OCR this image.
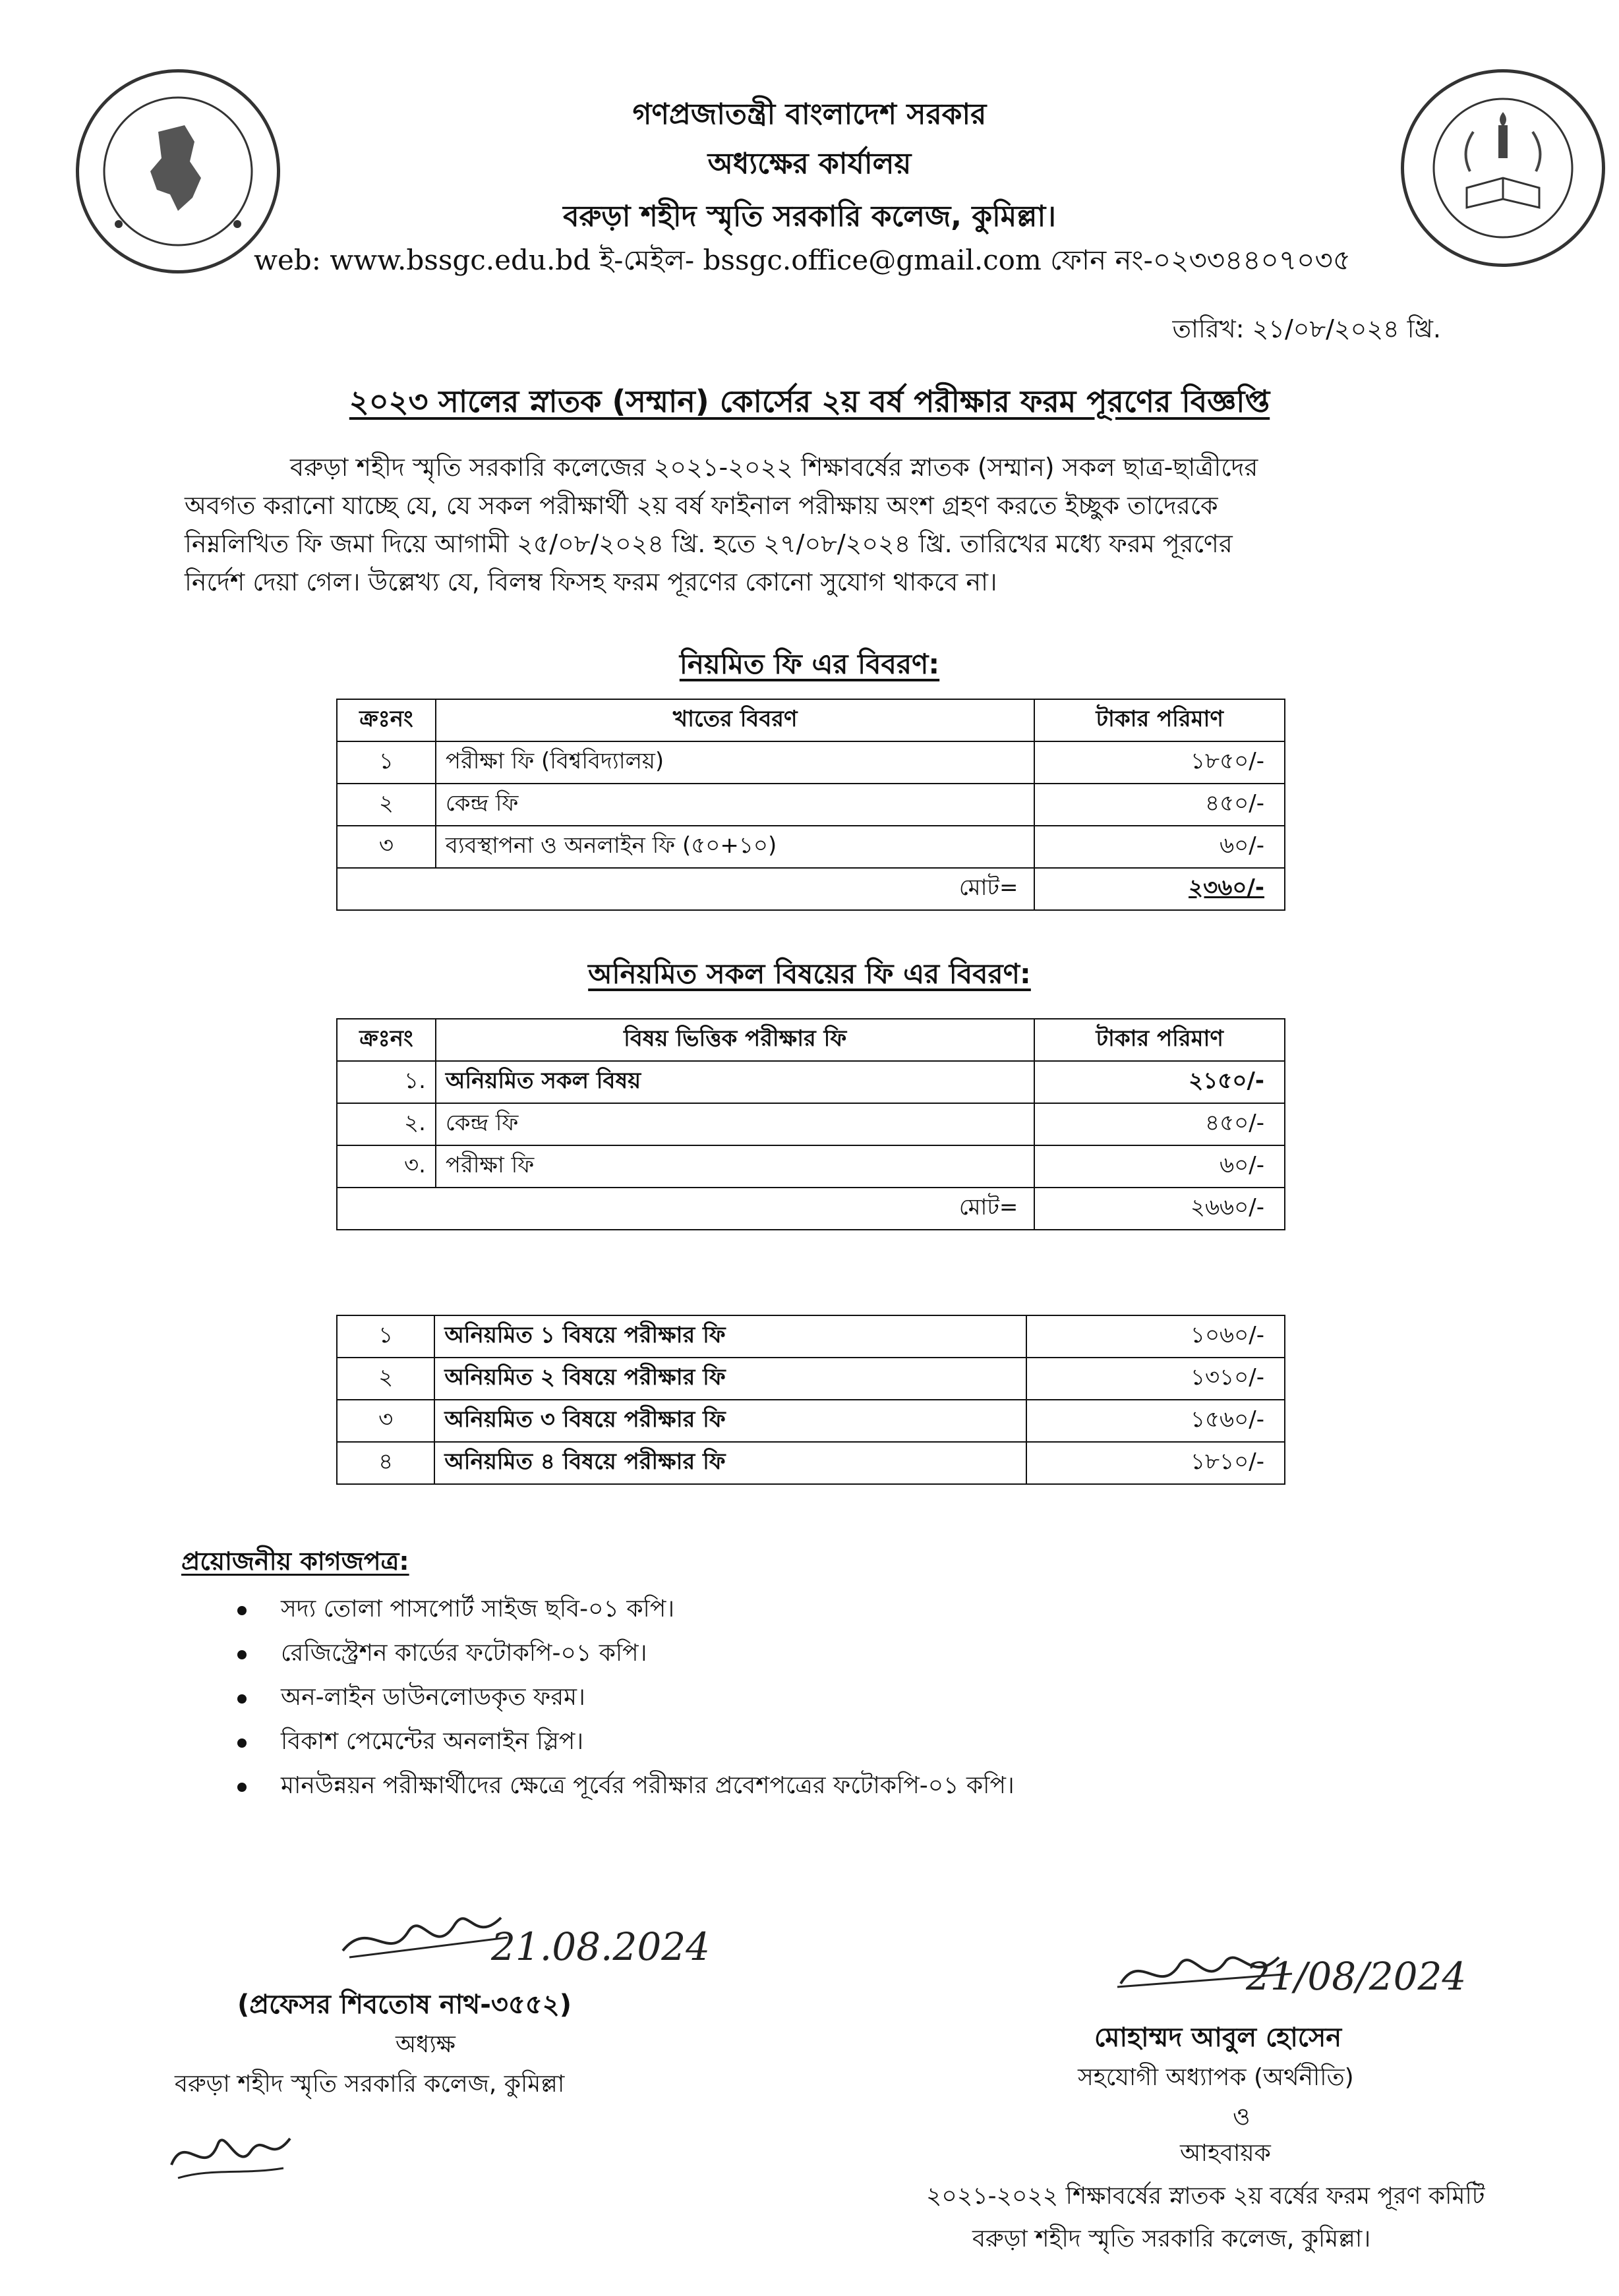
গণপ্রজাতন্ত্রী বাংলাদেশ সরকার
অধ্যক্ষের কার্যালয়
বরুড়া শহীদ স্মৃতি সরকারি কলেজ, কুমিল্লা।
web: www.bssgc.edu.bd ই-মেইল- bssgc.office@gmail.com ফোন নং-০২৩৩৪৪০৭০৩৫
তারিখ: ২১/০৮/২০২৪ খ্রি.
২০২৩ সালের স্নাতক (সম্মান) কোর্সের ২য় বর্ষ পরীক্ষার ফরম পূরণের বিজ্ঞপ্তি
বরুড়া শহীদ স্মৃতি সরকারি কলেজের ২০২১-২০২২ শিক্ষাবর্ষের স্নাতক (সম্মান) সকল ছাত্র-ছাত্রীদের
অবগত করানো যাচ্ছে যে, যে সকল পরীক্ষার্থী ২য় বর্ষ ফাইনাল পরীক্ষায় অংশ গ্রহণ করতে ইচ্ছুক তাদেরকে
নিম্নলিখিত ফি জমা দিয়ে আগামী ২৫/০৮/২০২৪ খ্রি. হতে ২৭/০৮/২০২৪ খ্রি. তারিখের মধ্যে ফরম পূরণের
নির্দেশ দেয়া গেল। উল্লেখ্য যে, বিলম্ব ফিসহ ফরম পূরণের কোনো সুযোগ থাকবে না।
নিয়মিত ফি এর বিবরণ:
ক্রঃনং	খাতের বিবরণ	টাকার পরিমাণ
১	পরীক্ষা ফি (বিশ্ববিদ্যালয়)	১৮৫০/-
২	কেন্দ্র ফি	৪৫০/-
৩	ব্যবস্থাপনা ও অনলাইন ফি (৫০+১০)	৬০/-
মোট=		২৩৬০/-
অনিয়মিত সকল বিষয়ের ফি এর বিবরণ:
ক্রঃনং	বিষয় ভিত্তিক পরীক্ষার ফি	টাকার পরিমাণ
১.	অনিয়মিত সকল বিষয়	২১৫০/-
২.	কেন্দ্র ফি	৪৫০/-
৩.	পরীক্ষা ফি	৬০/-
মোট=		২৬৬০/-
১	অনিয়মিত ১ বিষয়ে পরীক্ষার ফি	১০৬০/-
২	অনিয়মিত ২ বিষয়ে পরীক্ষার ফি	১৩১০/-
৩	অনিয়মিত ৩ বিষয়ে পরীক্ষার ফি	১৫৬০/-
৪	অনিয়মিত ৪ বিষয়ে পরীক্ষার ফি	১৮১০/-
প্রয়োজনীয় কাগজপত্র:
সদ্য তোলা পাসপোর্ট সাইজ ছবি-০১ কপি।
রেজিস্ট্রেশন কার্ডের ফটোকপি-০১ কপি।
অন-লাইন ডাউনলোডকৃত ফরম।
বিকাশ পেমেন্টের অনলাইন স্লিপ।
মানউন্নয়ন পরীক্ষার্থীদের ক্ষেত্রে পূর্বের পরীক্ষার প্রবেশপত্রের ফটোকপি-০১ কপি।
21.08.2024
(প্রফেসর শিবতোষ নাথ-৩৫৫২)
অধ্যক্ষ
বরুড়া শহীদ স্মৃতি সরকারি কলেজ, কুমিল্লা
21/08/2024
মোহাম্মদ আবুল হোসেন
সহযোগী অধ্যাপক (অর্থনীতি)
ও
আহবায়ক
২০২১-২০২২ শিক্ষাবর্ষের স্নাতক ২য় বর্ষের ফরম পূরণ কমিটি
বরুড়া শহীদ স্মৃতি সরকারি কলেজ, কুমিল্লা।
